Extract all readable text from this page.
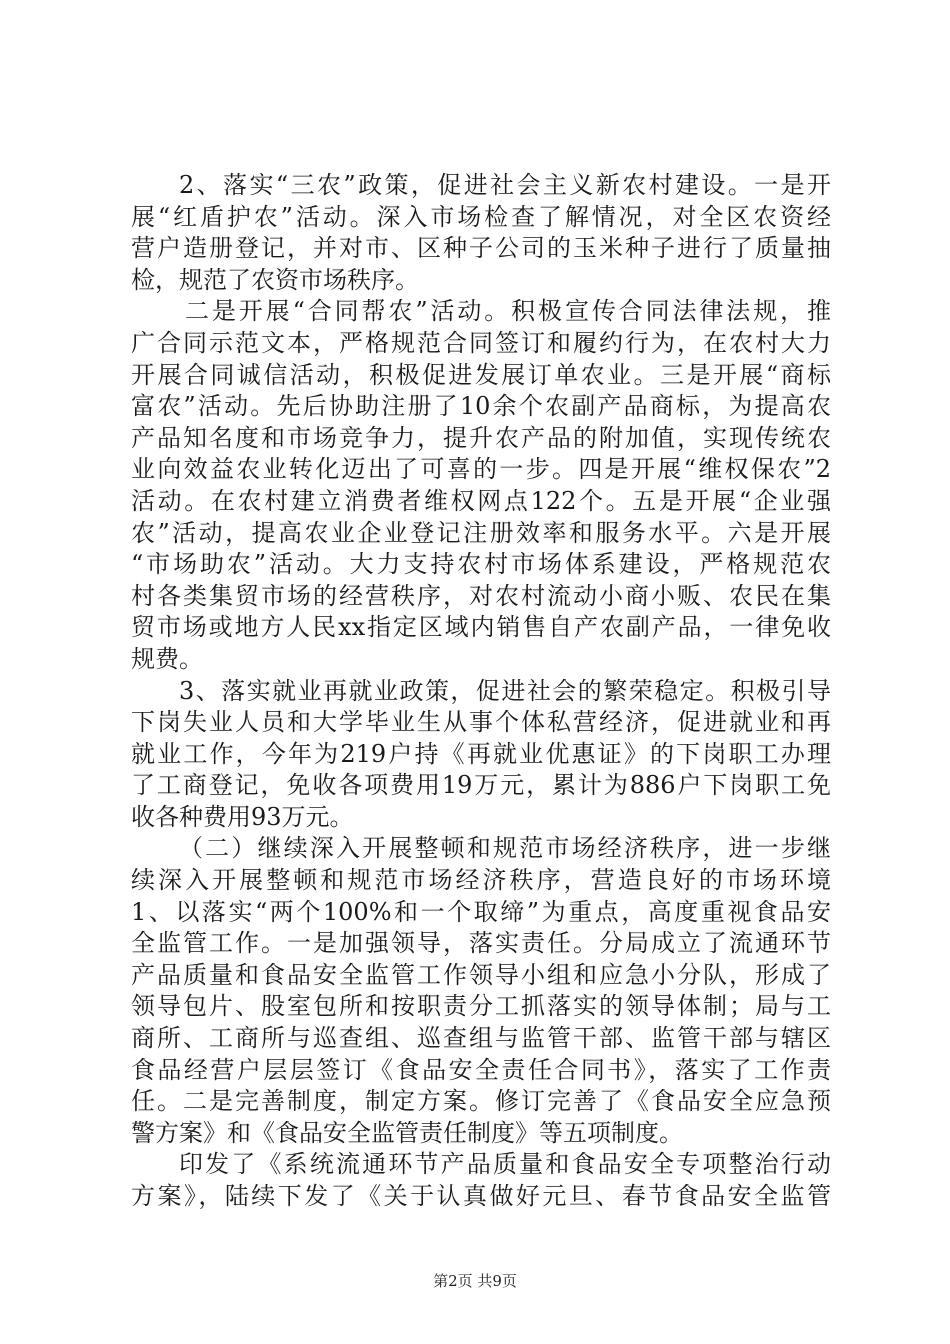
2、落实“三农”政策，促进社会主义新农村建设。一是开
展“红盾护农”活动。深入市场检查了解情况，对全区农资经
营户造册登记，并对市、区种子公司的玉米种子进行了质量抽
检，规范了农资市场秩序。
二是开展“合同帮农”活动。积极宣传合同法律法规，推
广合同示范文本，严格规范合同签订和履约行为，在农村大力
开展合同诚信活动，积极促进发展订单农业。三是开展“商标
富农”活动。先后协助注册了10余个农副产品商标，为提高农
产品知名度和市场竞争力，提升农产品的附加值，实现传统农
业向效益农业转化迈出了可喜的一步。四是开展“维权保农”2
活动。在农村建立消费者维权网点122个。五是开展“企业强
农”活动，提高农业企业登记注册效率和服务水平。六是开展
“市场助农”活动。大力支持农村市场体系建设，严格规范农
村各类集贸市场的经营秩序，对农村流动小商小贩、农民在集
贸市场或地方人民xx指定区域内销售自产农副产品，一律免收
规费。
3、落实就业再就业政策，促进社会的繁荣稳定。积极引导
下岗失业人员和大学毕业生从事个体私营经济，促进就业和再
就业工作，今年为219户持《再就业优惠证》的下岗职工办理
了工商登记，免收各项费用19万元，累计为886户下岗职工免
收各种费用93万元。
（二）继续深入开展整顿和规范市场经济秩序，进一步继
续深入开展整顿和规范市场经济秩序，营造良好的市场环境
1、以落实“两个100%和一个取缔”为重点，高度重视食品安
全监管工作。一是加强领导，落实责任。分局成立了流通环节
产品质量和食品安全监管工作领导小组和应急小分队，形成了
领导包片、股室包所和按职责分工抓落实的领导体制；局与工
商所、工商所与巡查组、巡查组与监管干部、监管干部与辖区
食品经营户层层签订《食品安全责任合同书》，落实了工作责
任。二是完善制度，制定方案。修订完善了《食品安全应急预
警方案》和《食品安全监管责任制度》等五项制度。
印发了《系统流通环节产品质量和食品安全专项整治行动
方案》，陆续下发了《关于认真做好元旦、春节食品安全监管
第2页 共9页
